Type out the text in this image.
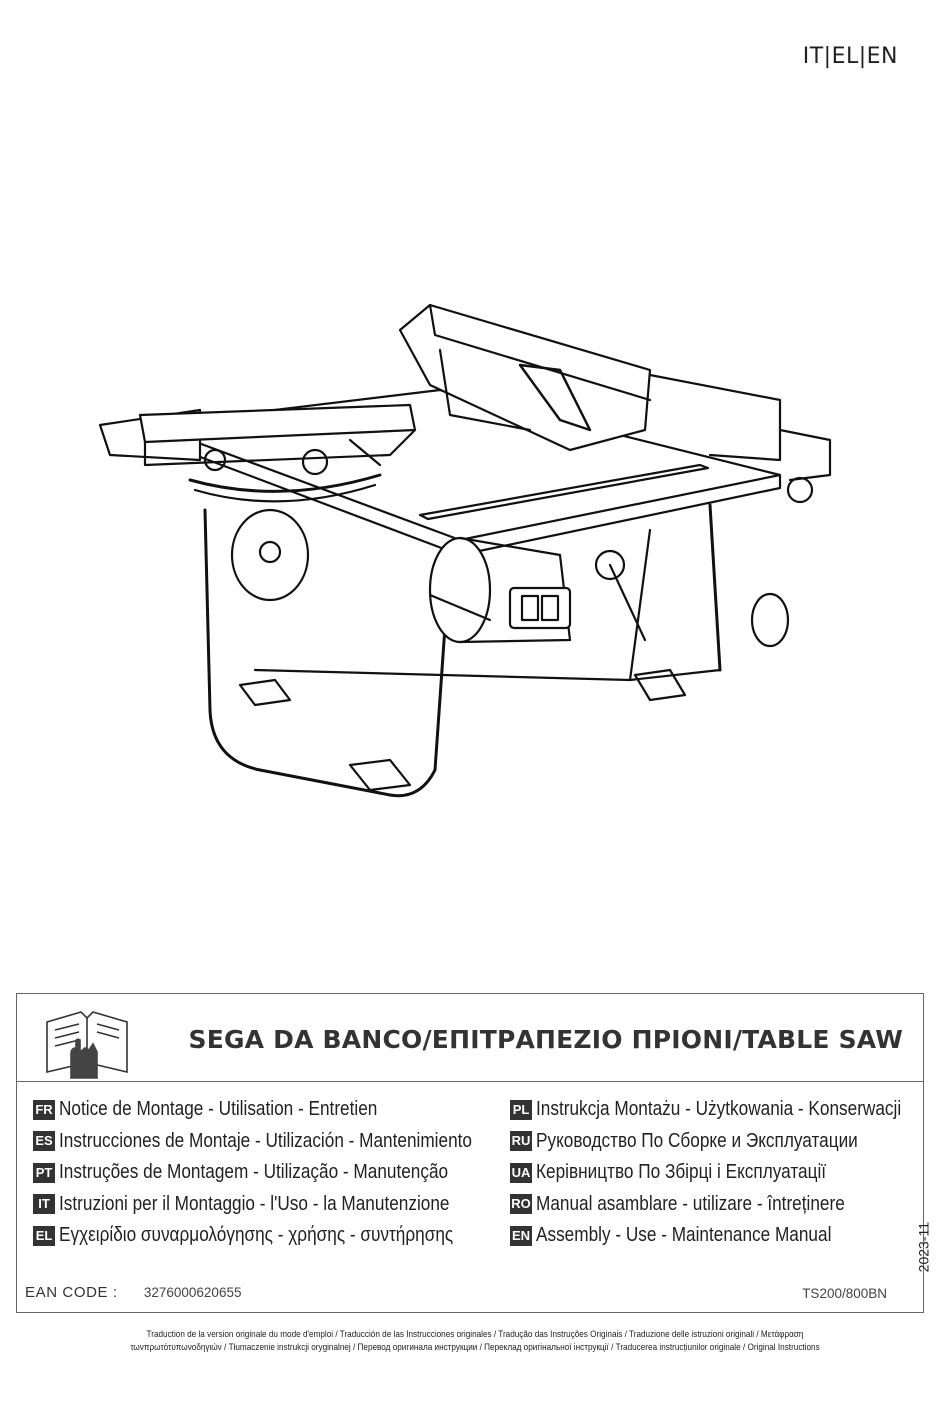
IT|EL|EN
SEGA DA BANCO/ΕΠΙΤΡΑΠΕΖΙΟ ΠΡΙΟΝΙ/TABLE SAW
FR Notice de Montage - Utilisation - Entretien
ES Instrucciones de Montaje - Utilización - Mantenimiento
PT Instruções de Montagem - Utilização - Manutenção
IT Istruzioni per il Montaggio - l'Uso - la Manutenzione
EL Εγχειρίδιο συναρμολόγησης - χρήσης - συντήρησης
PL Instrukcja Montażu - Użytkowania - Konserwacji
RU Руководство По Сборке и Эксплуатации
UA Керівництво По Збірці і Експлуатації
RO Manual asamblare - utilizare - întreținere
EN Assembly - Use - Maintenance Manual	2023-11
EAN CODE : 3276000620655	TS200/800BN
Traduction de la version originale du mode d'emploi / Traducción de las Instrucciones originales / Tradução das Instruções Originais / Traduzione delle istruzioni originali / Μετάφραση
τωνπρωτότυπωνοδηγιών / Tłumaczenie instrukcji oryginalnej / Перевод оригинала инструкции / Переклад оригінальної інструкції / Traducerea instrucțiunilor originale / Original Instructions
